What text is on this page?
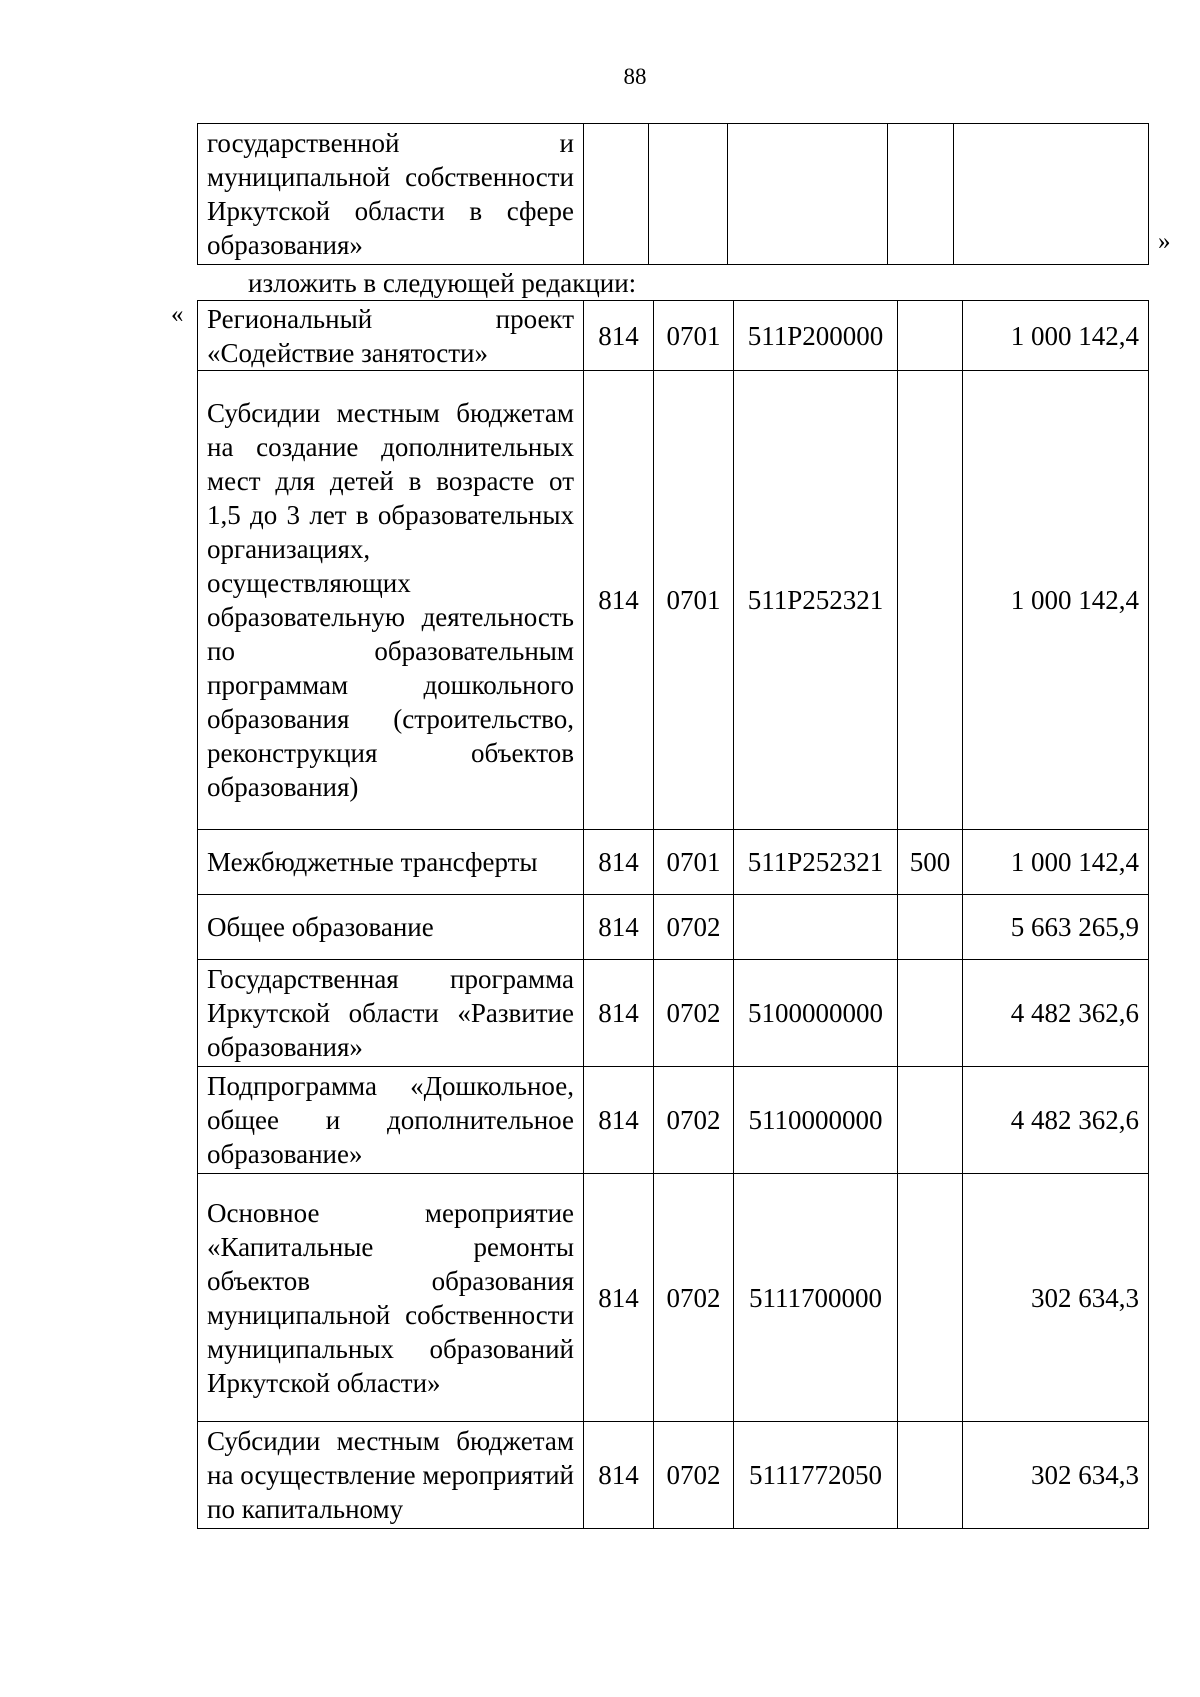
88
государственной и муниципальной собственности Иркутской области в сфере образования»						»
изложить в следующей редакции:
« Региональный проект «Содействие занятости»	814	0701	511P200000		1 000 142,4
Субсидии местным бюджетам на создание дополнительных мест для детей в возрасте от 1,5 до 3 лет в образовательных организациях, осуществляющих образовательную деятельность по образовательным программам дошкольного образования (строительство, реконструкция объектов образования)	814	0701	511P252321		1 000 142,4
Межбюджетные трансферты	814	0701	511P252321	500	1 000 142,4
Общее образование	814	0702			5 663 265,9
Государственная программа Иркутской области «Развитие образования»	814	0702	5100000000		4 482 362,6
Подпрограмма «Дошкольное, общее и дополнительное образование»	814	0702	5110000000		4 482 362,6
Основное мероприятие «Капитальные ремонты объектов образования муниципальной собственности муниципальных образований Иркутской области»	814	0702	5111700000		302 634,3
Субсидии местным бюджетам на осуществление мероприятий по капитальному	814	0702	5111772050		302 634,3
